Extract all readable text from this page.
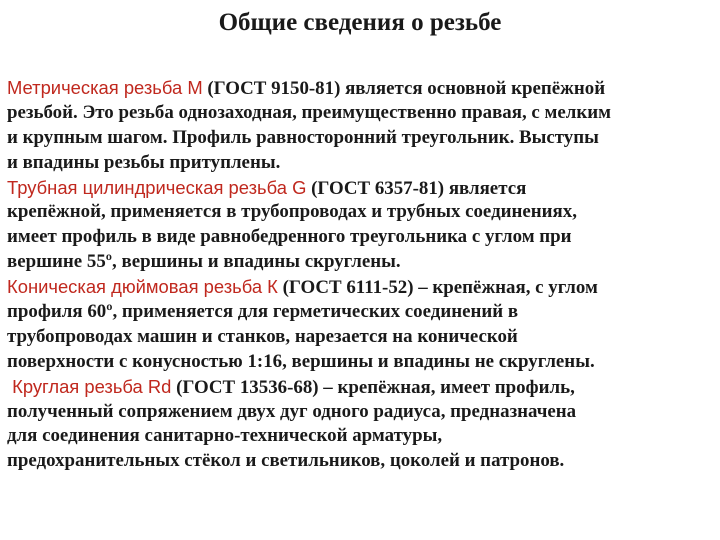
Общие сведения о резьбе
Метрическая резьба М (ГОСТ 9150-81) является основной крепёжной
резьбой. Это резьба однозаходная, преимущественно правая, с мелким
и крупным шагом. Профиль равносторонний треугольник. Выступы
и впадины резьбы притуплены.
Трубная цилиндрическая резьба G (ГОСТ 6357-81) является
крепёжной, применяется в трубопроводах и трубных соединениях,
имеет профиль в виде равнобедренного треугольника с углом при
вершине 55º, вершины и впадины скруглены.
Коническая дюймовая резьба К (ГОСТ 6111-52) – крепёжная, с углом
профиля 60º, применяется для герметических соединений в
трубопроводах машин и станков, нарезается на конической
поверхности с конусностью 1:16, вершины и впадины не скруглены.
Круглая резьба Rd (ГОСТ 13536-68) – крепёжная, имеет профиль,
полученный сопряжением двух дуг одного радиуса, предназначена
для соединения санитарно-технической арматуры,
предохранительных стёкол и светильников, цоколей и патронов.
